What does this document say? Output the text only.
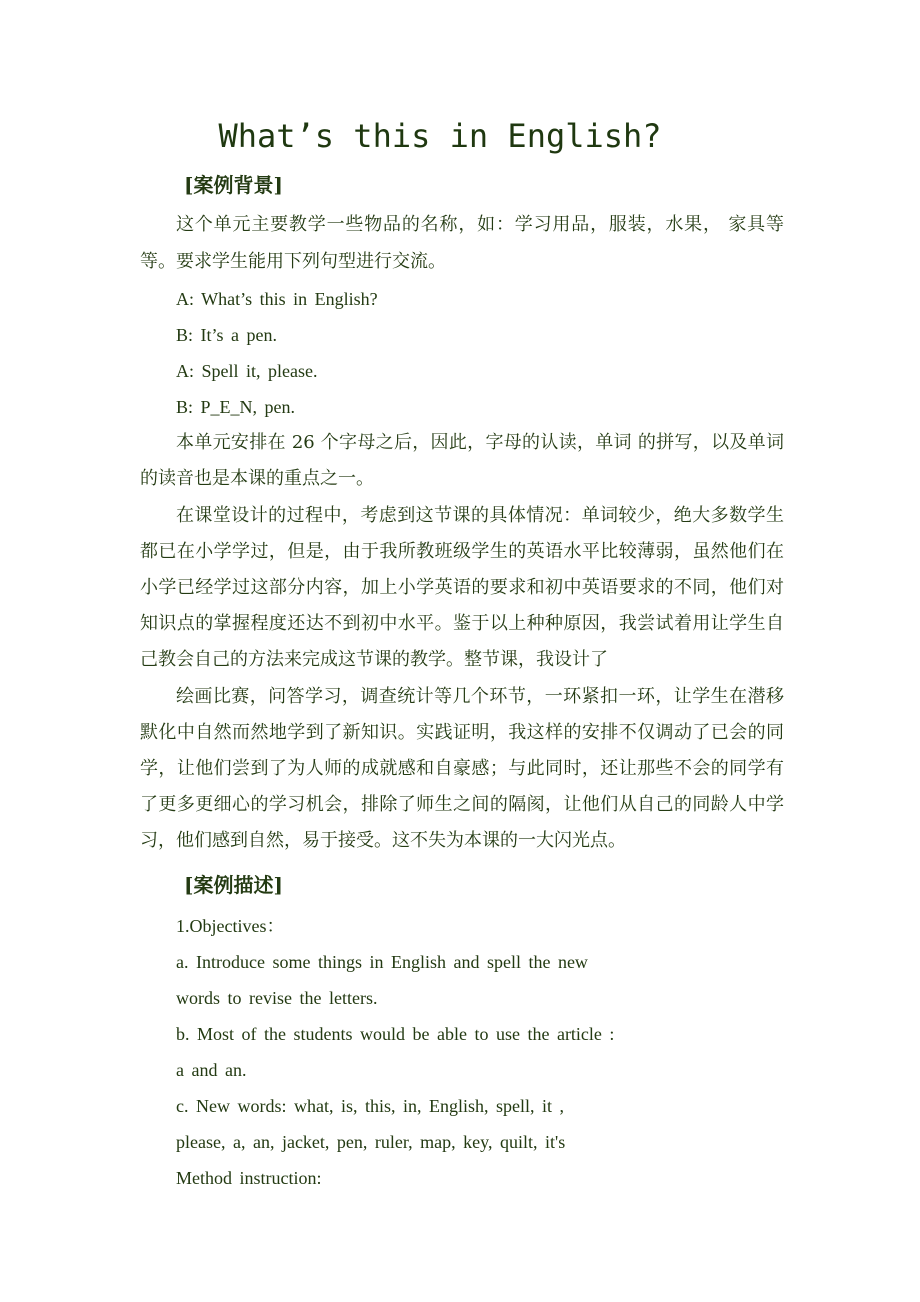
What’s this in English?
[案例背景]
这个单元主要教学一些物品的名称，如：学习用品，服装，水果， 家具等
等。要求学生能用下列句型进行交流。
A: What’s this in English?
B: It’s a pen.
A: Spell it, please.
B: P_E_N, pen.
本单元安排在 26 个字母之后，因此，字母的认读，单词 的拼写，以及单词
的读音也是本课的重点之一。
在课堂设计的过程中，考虑到这节课的具体情况：单词较少，绝大多数学生
都已在小学学过，但是，由于我所教班级学生的英语水平比较薄弱，虽然他们在
小学已经学过这部分内容，加上小学英语的要求和初中英语要求的不同，他们对
知识点的掌握程度还达不到初中水平。鉴于以上种种原因，我尝试着用让学生自
己教会自己的方法来完成这节课的教学。整节课，我设计了
绘画比赛，问答学习，调查统计等几个环节，一环紧扣一环，让学生在潜移
默化中自然而然地学到了新知识。实践证明，我这样的安排不仅调动了已会的同
学，让他们尝到了为人师的成就感和自豪感；与此同时，还让那些不会的同学有
了更多更细心的学习机会，排除了师生之间的隔阂，让他们从自己的同龄人中学
习，他们感到自然，易于接受。这不失为本课的一大闪光点。
[案例描述]
1.Objectives：
a. Introduce some things in English and spell the new
words to revise the letters.
b. Most of the students would be able to use the article :
a and an.
c. New words: what, is, this, in, English, spell, it ,
please, a, an, jacket, pen, ruler, map, key, quilt, it's
Method instruction:
